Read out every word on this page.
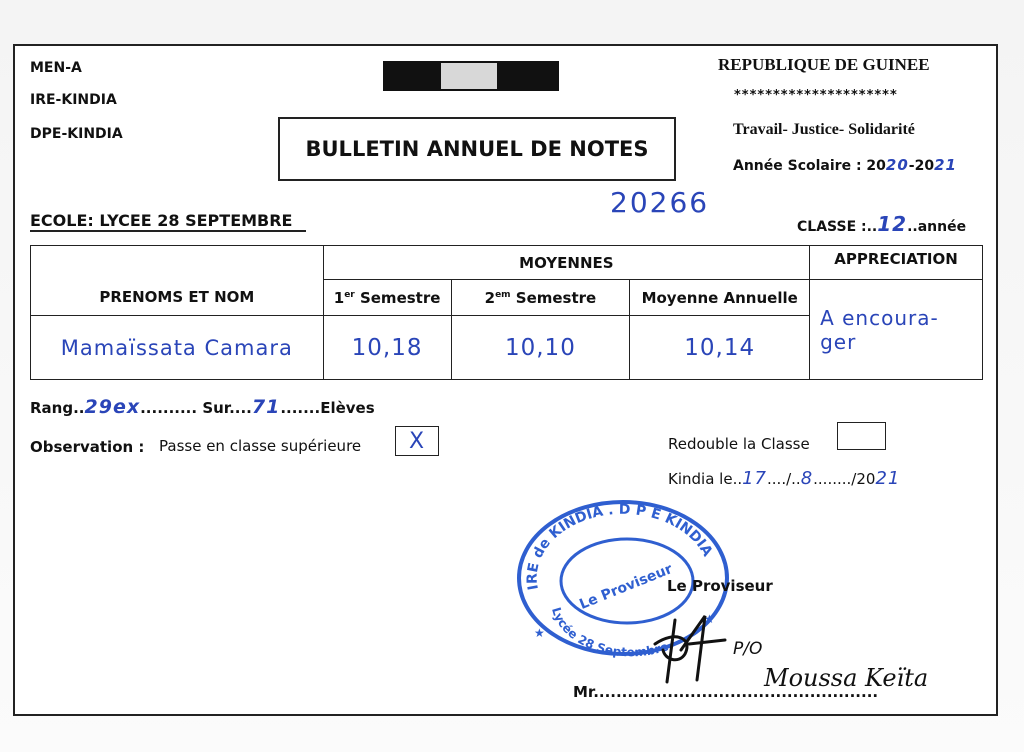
MEN-A
IRE-KINDIA
DPE-KINDIA
BULLETIN ANNUEL DE NOTES
REPUBLIQUE DE GUINEE
*********************
Travail- Justice- Solidarité
Année Scolaire : 2020-2021
20266
ECOLE: LYCEE 28 SEPTEMBRE	CLASSE :..12..année
PRENOMS ET NOM	MOYENNES			APPRECIATION
	1er Semestre	$2^{em}$ Semestre	Moyenne Annuelle	A encoura-
ger

Mamaïssata Camara	10,18	10,10	10,14	
Rang..29ex.......... Sur....71.......Elèves
Observation : Passe en classe supérieure X	Redouble la Classe
Kindia le..17..../..8......../2021
IRE de KINDIA . D P E KINDIA
Lycée 28 Septembre
Le Proviseur
★
★
Le Proviseur
P/O
Mr..................................................
Moussa Keïta
